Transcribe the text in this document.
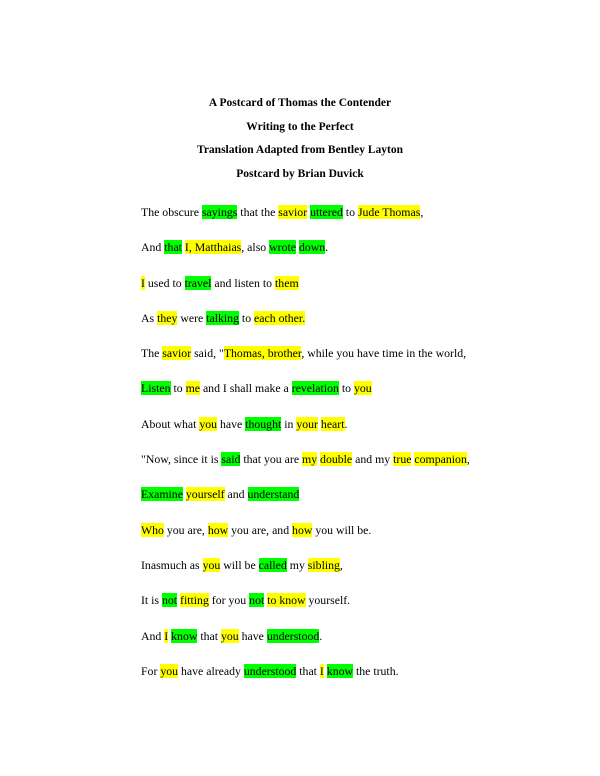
A Postcard of Thomas the Contender

Writing to the Perfect

Translation Adapted from Bentley Layton

Postcard by Brian Duvick

The obscure sayings that the savior uttered to Jude Thomas,

And that I, Matthaias, also wrote down.

I used to travel and listen to them

As they were talking to each other.

The savior said, "Thomas, brother, while you have time in the world,

Listen to me and I shall make a revelation to you

About what you have thought in your heart.

"Now, since it is said that you are my double and my true companion,

Examine yourself and understand

Who you are, how you are, and how you will be.

Inasmuch as you will be called my sibling,

It is not fitting for you not to know yourself.

And I know that you have understood.

For you have already understood that I know the truth.
